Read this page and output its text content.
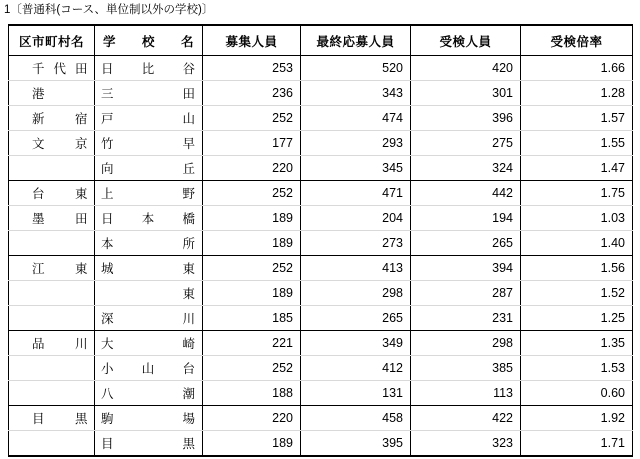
1〔普通科(コース、単位制以外の学校)〕
区市町村名	学　　校　　名	募集人員	最終応募人員	受検人員	受検倍率
千代田	日　比　谷	253	520	420	1.66
港	三　　　田	236	343	301	1.28
新　宿	戸　　　山	252	474	396	1.57
文　京	竹　　　早	177	293	275	1.55

	向　　　丘	220	345	324	1.47
台　東	上　　　野	252	471	442	1.75
墨　田	日　本　橋	189	204	194	1.03

	本　　　所	189	273	265	1.40
江　東	城　　　東	252	413	394	1.56

	　東　　　	189	298	287	1.52

	深　　　川	185	265	231	1.25
品　川	大　　　崎	221	349	298	1.35

	小　山　台	252	412	385	1.53

	八　　　潮	188	131	113	0.60
目　黒	駒　　　場	220	458	422	1.92

	目　　　黒	189	395	323	1.71
